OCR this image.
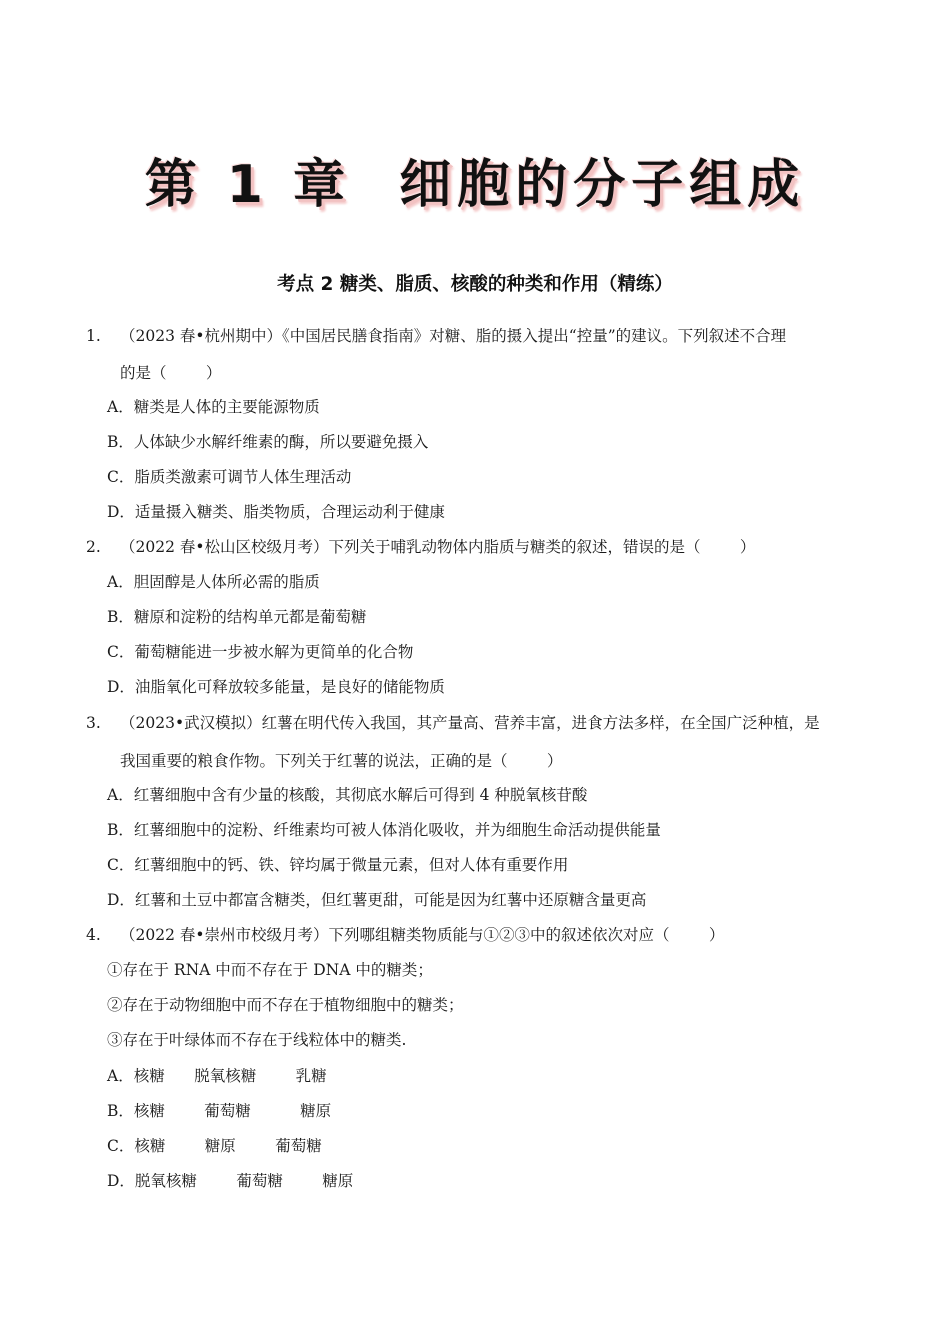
第 1 章  细胞的分子组成
考点 2 糖类、脂质、核酸的种类和作用（精练）
1. （2023 春•杭州期中）《中国居民膳食指南》对糖、脂的摄入提出“控量”的建议。下列叙述不合理
的是（        ）
A．糖类是人体的主要能源物质
B．人体缺少水解纤维素的酶，所以要避免摄入
C．脂质类激素可调节人体生理活动
D．适量摄入糖类、脂类物质，合理运动利于健康
2. （2022 春•松山区校级月考）下列关于哺乳动物体内脂质与糖类的叙述，错误的是（        ）
A．胆固醇是人体所必需的脂质
B．糖原和淀粉的结构单元都是葡萄糖
C．葡萄糖能进一步被水解为更简单的化合物
D．油脂氧化可释放较多能量，是良好的储能物质
3. （2023•武汉模拟）红薯在明代传入我国，其产量高、营养丰富，进食方法多样，在全国广泛种植，是
我国重要的粮食作物。下列关于红薯的说法，正确的是（        ）
A．红薯细胞中含有少量的核酸，其彻底水解后可得到 4 种脱氧核苷酸
B．红薯细胞中的淀粉、纤维素均可被人体消化吸收，并为细胞生命活动提供能量
C．红薯细胞中的钙、铁、锌均属于微量元素，但对人体有重要作用
D．红薯和土豆中都富含糖类，但红薯更甜，可能是因为红薯中还原糖含量更高
4. （2022 春•崇州市校级月考）下列哪组糖类物质能与①②③中的叙述依次对应（        ）
①存在于 RNA 中而不存在于 DNA 中的糖类；
②存在于动物细胞中而不存在于植物细胞中的糖类；
③存在于叶绿体而不存在于线粒体中的糖类.
A．核糖      脱氧核糖        乳糖
B．核糖        葡萄糖          糖原
C．核糖        糖原        葡萄糖
D．脱氧核糖        葡萄糖        糖原
